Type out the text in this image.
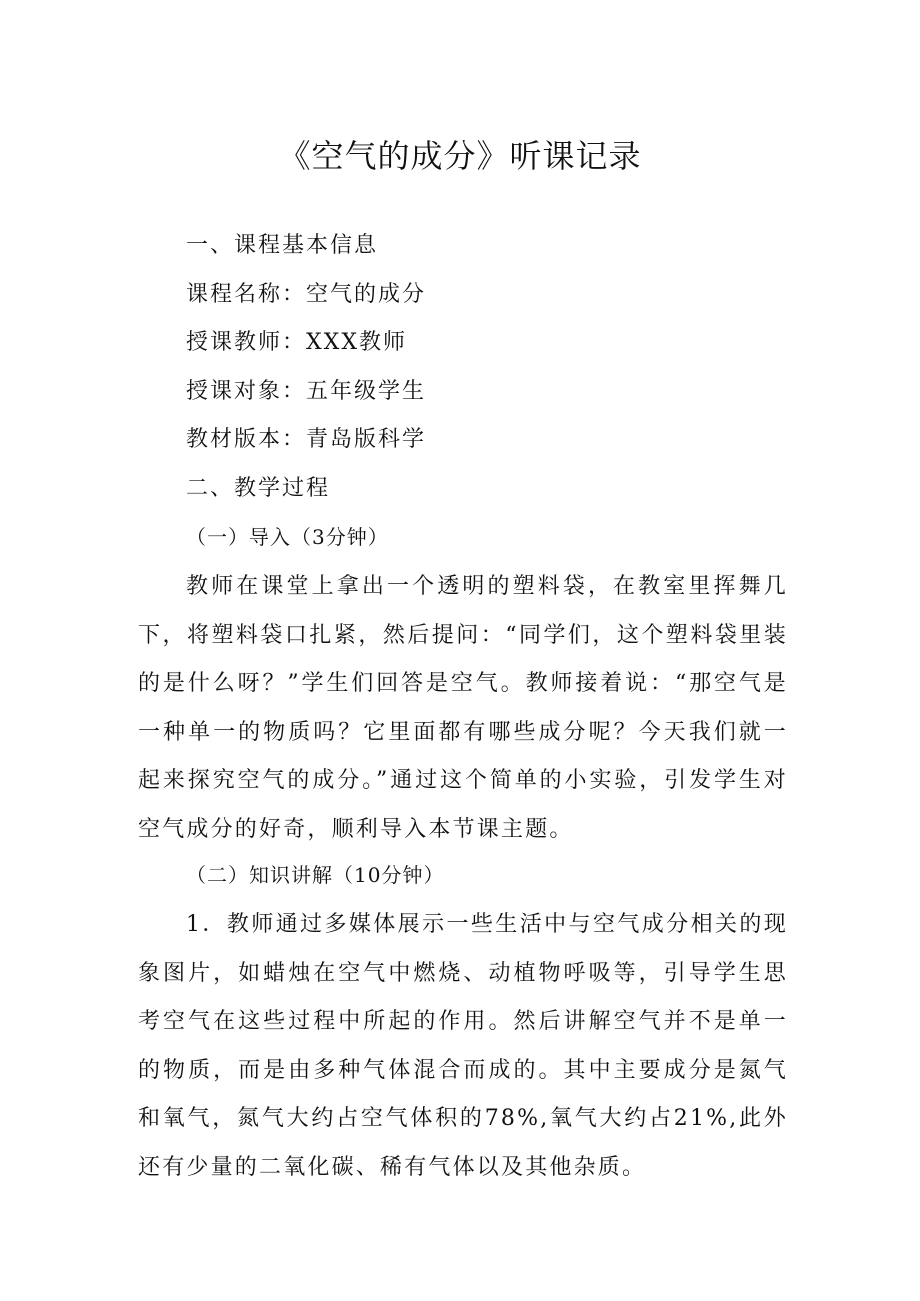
《空气的成分》听课记录
一、课程基本信息
课程名称：空气的成分
授课教师：XXX教师
授课对象：五年级学生
教材版本：青岛版科学
二、教学过程
（一）导入（3分钟）

教师在课堂上拿出一个透明的塑料袋，在教室里挥舞几下，将塑料袋口扎紧，然后提问：“同学们，这个塑料袋里装的是什么呀？”学生们回答是空气。教师接着说：“那空气是一种单一的物质吗？它里面都有哪些成分呢？今天我们就一起来探究空气的成分。”通过这个简单的小实验，引发学生对空气成分的好奇，顺利导入本节课主题。

（二）知识讲解（10分钟）

1．教师通过多媒体展示一些生活中与空气成分相关的现象图片，如蜡烛在空气中燃烧、动植物呼吸等，引导学生思考空气在这些过程中所起的作用。然后讲解空气并不是单一的物质，而是由多种气体混合而成的。其中主要成分是氮气和氧气，氮气大约占空气体积的78%,氧气大约占21%,此外还有少量的二氧化碳、稀有气体以及其他杂质。
